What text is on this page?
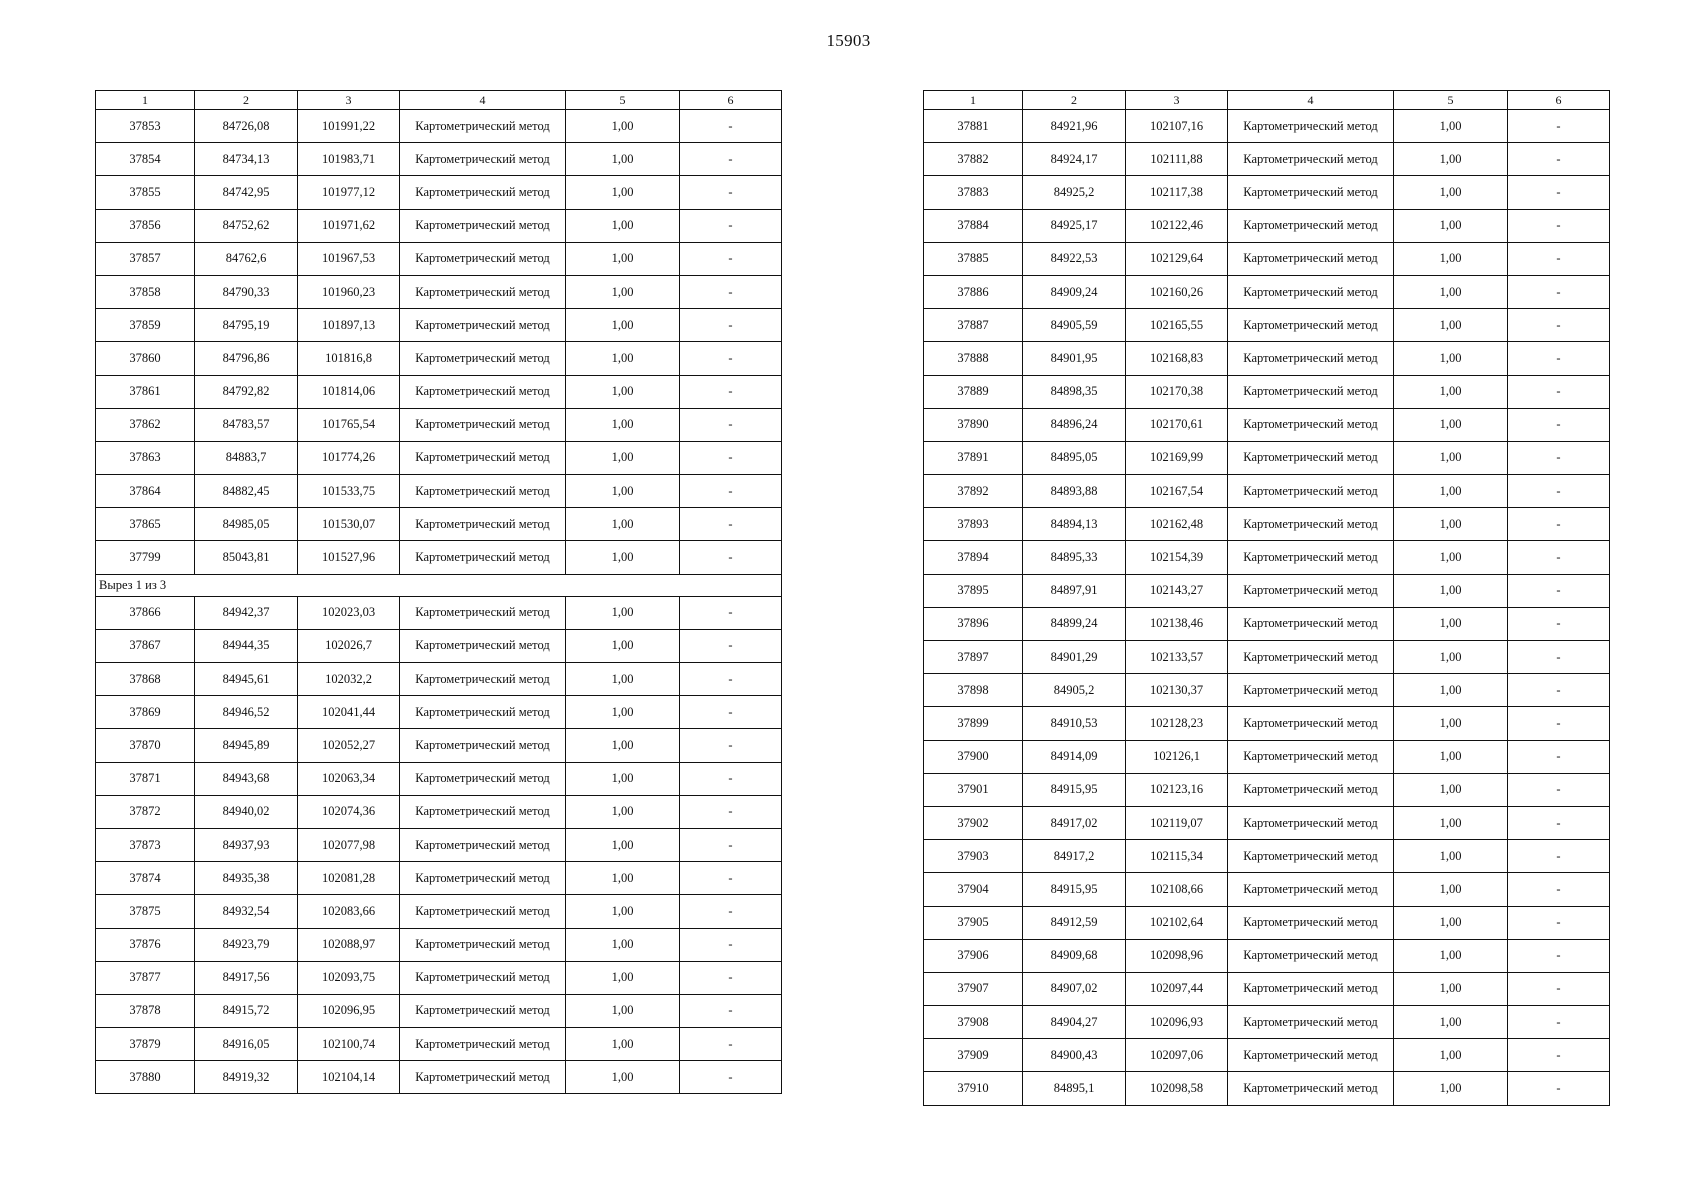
15903
1	2	3	4	5	6
37853	84726,08	101991,22	Картометрический метод	1,00	-
37854	84734,13	101983,71	Картометрический метод	1,00	-
37855	84742,95	101977,12	Картометрический метод	1,00	-
37856	84752,62	101971,62	Картометрический метод	1,00	-
37857	84762,6	101967,53	Картометрический метод	1,00	-
37858	84790,33	101960,23	Картометрический метод	1,00	-
37859	84795,19	101897,13	Картометрический метод	1,00	-
37860	84796,86	101816,8	Картометрический метод	1,00	-
37861	84792,82	101814,06	Картометрический метод	1,00	-
37862	84783,57	101765,54	Картометрический метод	1,00	-
37863	84883,7	101774,26	Картометрический метод	1,00	-
37864	84882,45	101533,75	Картометрический метод	1,00	-
37865	84985,05	101530,07	Картометрический метод	1,00	-
37799	85043,81	101527,96	Картометрический метод	1,00	-
Вырез 1 из 3					
37866	84942,37	102023,03	Картометрический метод	1,00	-
37867	84944,35	102026,7	Картометрический метод	1,00	-
37868	84945,61	102032,2	Картометрический метод	1,00	-
37869	84946,52	102041,44	Картометрический метод	1,00	-
37870	84945,89	102052,27	Картометрический метод	1,00	-
37871	84943,68	102063,34	Картометрический метод	1,00	-
37872	84940,02	102074,36	Картометрический метод	1,00	-
37873	84937,93	102077,98	Картометрический метод	1,00	-
37874	84935,38	102081,28	Картометрический метод	1,00	-
37875	84932,54	102083,66	Картометрический метод	1,00	-
37876	84923,79	102088,97	Картометрический метод	1,00	-
37877	84917,56	102093,75	Картометрический метод	1,00	-
37878	84915,72	102096,95	Картометрический метод	1,00	-
37879	84916,05	102100,74	Картометрический метод	1,00	-
37880	84919,32	102104,14	Картометрический метод	1,00	-
1	2	3	4	5	6
37881	84921,96	102107,16	Картометрический метод	1,00	-
37882	84924,17	102111,88	Картометрический метод	1,00	-
37883	84925,2	102117,38	Картометрический метод	1,00	-
37884	84925,17	102122,46	Картометрический метод	1,00	-
37885	84922,53	102129,64	Картометрический метод	1,00	-
37886	84909,24	102160,26	Картометрический метод	1,00	-
37887	84905,59	102165,55	Картометрический метод	1,00	-
37888	84901,95	102168,83	Картометрический метод	1,00	-
37889	84898,35	102170,38	Картометрический метод	1,00	-
37890	84896,24	102170,61	Картометрический метод	1,00	-
37891	84895,05	102169,99	Картометрический метод	1,00	-
37892	84893,88	102167,54	Картометрический метод	1,00	-
37893	84894,13	102162,48	Картометрический метод	1,00	-
37894	84895,33	102154,39	Картометрический метод	1,00	-
37895	84897,91	102143,27	Картометрический метод	1,00	-
37896	84899,24	102138,46	Картометрический метод	1,00	-
37897	84901,29	102133,57	Картометрический метод	1,00	-
37898	84905,2	102130,37	Картометрический метод	1,00	-
37899	84910,53	102128,23	Картометрический метод	1,00	-
37900	84914,09	102126,1	Картометрический метод	1,00	-
37901	84915,95	102123,16	Картометрический метод	1,00	-
37902	84917,02	102119,07	Картометрический метод	1,00	-
37903	84917,2	102115,34	Картометрический метод	1,00	-
37904	84915,95	102108,66	Картометрический метод	1,00	-
37905	84912,59	102102,64	Картометрический метод	1,00	-
37906	84909,68	102098,96	Картометрический метод	1,00	-
37907	84907,02	102097,44	Картометрический метод	1,00	-
37908	84904,27	102096,93	Картометрический метод	1,00	-
37909	84900,43	102097,06	Картометрический метод	1,00	-
37910	84895,1	102098,58	Картометрический метод	1,00	-
